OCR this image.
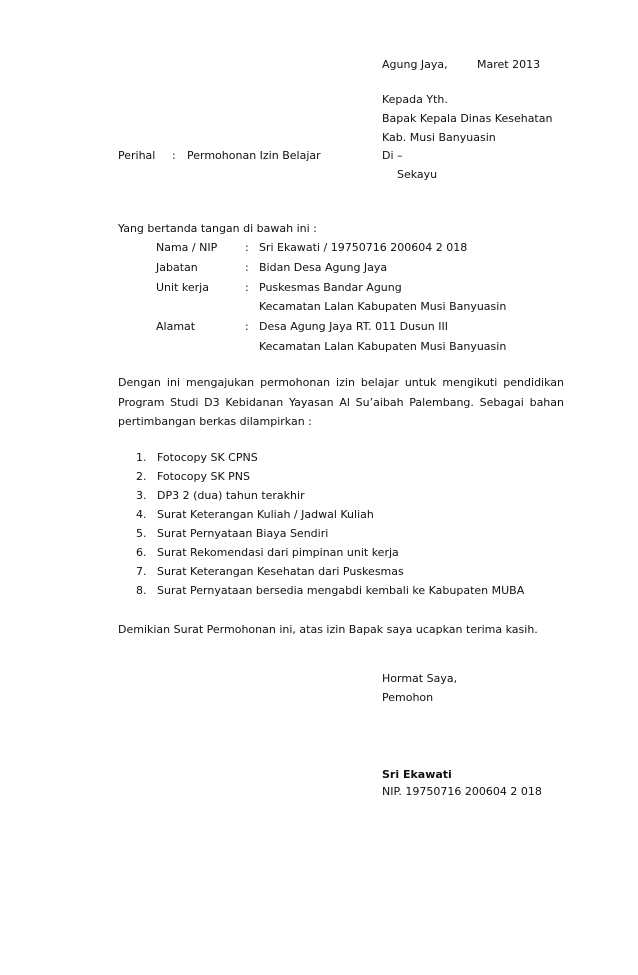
Agung Jaya,	Maret 2013
Kepada Yth.
Bapak Kepala Dinas Kesehatan
Kab. Musi Banyuasin
Di –
Sekayu
Perihal : Permohonan Izin Belajar
Yang bertanda tangan di bawah ini :
Nama / NIP	: Sri Ekawati / 19750716 200604 2 018
Jabatan	: Bidan Desa Agung Jaya
Unit kerja	: Puskesmas Bandar Agung
Kecamatan Lalan Kabupaten Musi Banyuasin
Alamat	: Desa Agung Jaya RT. 011 Dusun III
Kecamatan Lalan Kabupaten Musi Banyuasin
Dengan ini mengajukan permohonan izin belajar untuk mengikuti pendidikan
Program Studi D3 Kebidanan Yayasan Al Su’aibah Palembang. Sebagai bahan
pertimbangan berkas dilampirkan :
1. Fotocopy SK CPNS
2. Fotocopy SK PNS
3. DP3 2 (dua) tahun terakhir
4. Surat Keterangan Kuliah / Jadwal Kuliah
5. Surat Pernyataan Biaya Sendiri
6. Surat Rekomendasi dari pimpinan unit kerja
7. Surat Keterangan Kesehatan dari Puskesmas
8. Surat Pernyataan bersedia mengabdi kembali ke Kabupaten MUBA
Demikian Surat Permohonan ini, atas izin Bapak saya ucapkan terima kasih.
Hormat Saya,
Pemohon
Sri Ekawati
NIP. 19750716 200604 2 018
